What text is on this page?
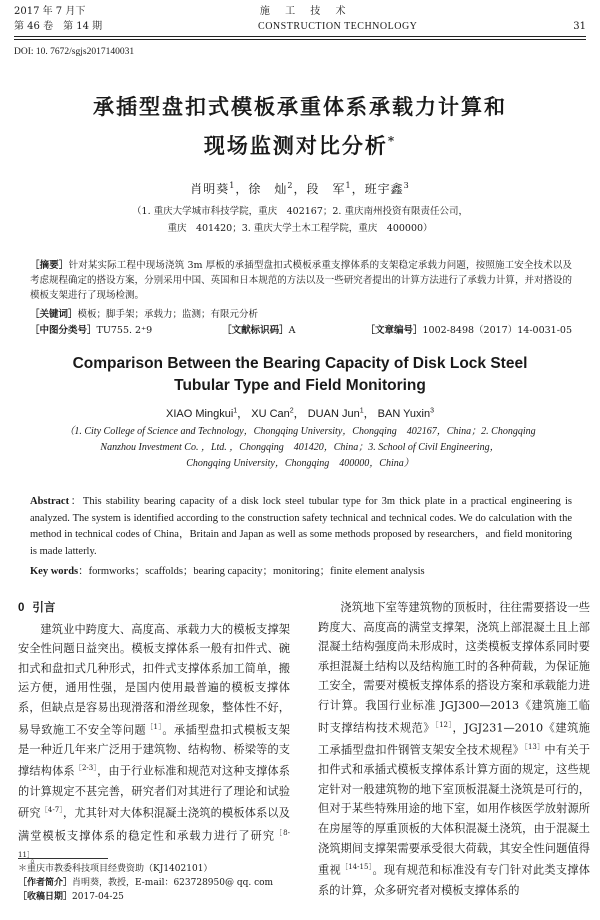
2017 年 7 月下	施 工 技 术
第 46 卷　第 14 期	CONSTRUCTION TECHNOLOGY	31
DOI: 10. 7672/sgjs2017140031
承插型盘扣式模板承重体系承载力计算和
现场监测对比分析*
肖明葵$^1$，徐　灿$^2$，段　军$^1$，班宇鑫$^3$
（1. 重庆大学城市科技学院，重庆　402167；2. 重庆南州投资有限责任公司，
重庆　401420；3. 重庆大学土木工程学院，重庆　400000）
［摘要］针对某实际工程中现场浇筑 3m 厚板的承插型盘扣式模板承重支撑体系的支架稳定承载力问题，按照施工安全技术以及考虑规程确定的搭设方案，分别采用中国、英国和日本规范的方法以及一些研究者提出的计算方法进行了承载力计算，并对搭设的模板支架进行了现场检测。
［关键词］模板；脚手架；承载力；监测；有限元分析
［中图分类号］TU755. 2⁺9	［文献标识码］A	［文章编号］1002-8498（2017）14-0031-05
Comparison Between the Bearing Capacity of Disk Lock Steel
Tubular Type and Field Monitoring
XIAO Mingkui$^1$， XU Can$^2$， DUAN Jun$^1$， BAN Yuxin$^3$
（1. City College of Science and Technology，Chongqing University，Chongqing　402167，China；2. Chongqing
Nanzhou Investment Co. ，Ltd. ，Chongqing　401420，China；3. School of Civil Engineering，
Chongqing University，Chongqing　400000，China）
Abstract：This stability bearing capacity of a disk lock steel tubular type for 3m thick plate in a practical engineering is analyzed. The system is identified according to the construction safety technical and technical codes. We do calculation with the method in technical codes of China，Britain and Japan as well as some methods proposed by researchers，and field monitoring is made latterly.
Key words：formworks；scaffolds；bearing capacity；monitoring；finite element analysis
0 引言
建筑业中跨度大、高度高、承载力大的模板支撑架安全性问题日益突出。模板支撑体系一般有扣件式、碗扣式和盘扣式几种形式，扣件式支撑体系加工简单，搬运方便，通用性强，是国内使用最普遍的模板支撑体系，但缺点是容易出现滑落和滑丝现象，整体性不好，易导致施工不安全等问题$^{[1]}$。承插型盘扣式模板支架是一种近几年来广泛用于建筑物、结构物、桥梁等的支撑结构体系$^{[2-3]}$，由于行业标准和规范对这种支撑体系的计算规定不甚完善，研究者们对其进行了理论和试验研究$^{[4-7]}$，尤其针对大体积混凝土浇筑的模板体系以及满堂模板支撑体系的稳定性和承载力进行了研究$^{[8-11]}$。
浇筑地下室等建筑物的顶板时，往往需要搭设一些跨度大、高度高的满堂支撑架，浇筑上部混凝土且上部混凝土结构强度尚未形成时，这类模板支撑体系同时要承担混凝土结构以及结构施工时的各种荷载，为保证施工安全，需要对模板支撑体系的搭设方案和承载能力进行计算。我国行业标准 JGJ300—2013《建筑施工临时支撑结构技术规范》$^{[12]}$，JGJ231—2010《建筑施工承插型盘扣件钢管支架安全技术规程》$^{[13]}$中有关于扣件式和承插式模板支撑体系计算方面的规定，这些规定针对一般建筑物的地下室顶板混凝土浇筑是可行的，但对于某些特殊用途的地下室，如用作核医学放射源所在房屋等的厚重顶板的大体积混凝土浇筑，由于混凝土浇筑期间支撑架需要承受很大荷载，其安全性问题值得重视$^{[14-15]}$。现有规范和标准没有专门针对此类支撑体系的计算，众多研究者对模板支撑体系的
＊重庆市教委科技项目经费资助（KJ1402101）
［作者简介］肖明葵，教授，E-mail：623728950@ qq. com
［收稿日期］2017-04-25
